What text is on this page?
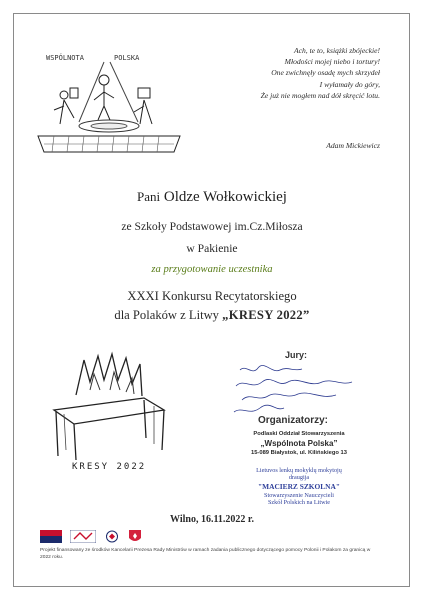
WSPÓLNOTA	POLSKA
Ach, te to, książki zbójeckie!
Młodości mojej niebo i tortury!
One zwichnęły osadę mych skrzydeł
I wyłamały do góry,
Że już nie mogłem nad dół skręcić lotu.
Adam Mickiewicz
Pani Oldze Wołkowickiej
ze Szkoły Podstawowej im.Cz.Miłosza
w Pakienie
za przygotowanie uczestnika
XXXI Konkursu Recytatorskiego
dla Polaków z Litwy „KRESY 2022”
KRESY 2022
Jury:
Organizatorzy:
Podlaski Oddział Stowarzyszenia
„Wspólnota Polska”
15-089 Białystok, ul. Kilińskiego 13
Lietuvos lenkų mokyklų mokytojų
draugija
"MACIERZ SZKOLNA"
Stowarzyszenie Nauczycieli
Szkół Polskich na Litwie
Wilno, 16.11.2022 r.
Projekt finansowany ze środków Kancelarii Prezesa Rady Ministrów w ramach zadania publicznego dotyczącego pomocy Polonii i Polakom za granicą w 2022 roku.
